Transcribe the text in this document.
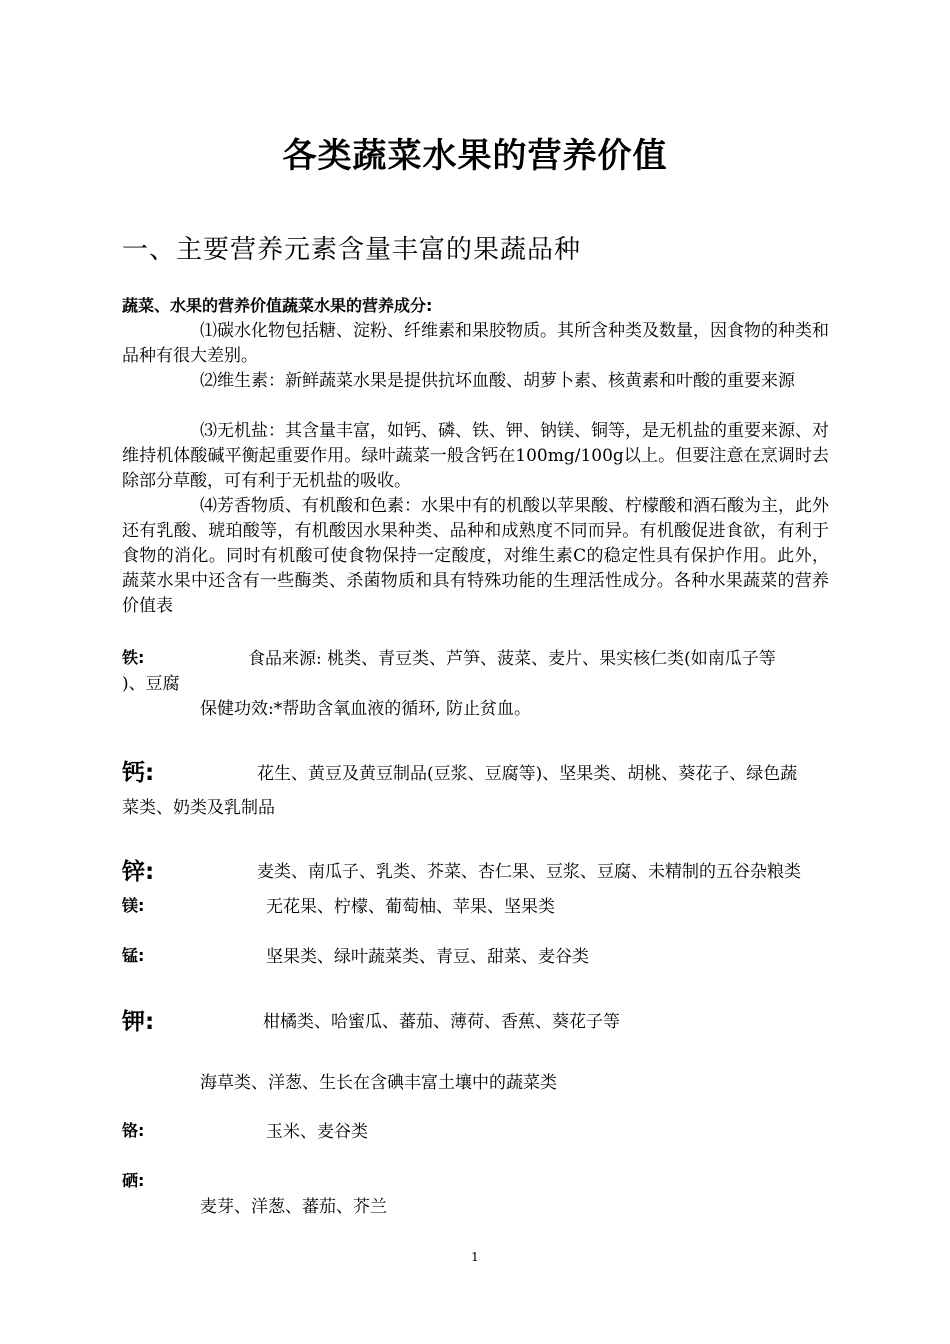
各类蔬菜水果的营养价值
一、主要营养元素含量丰富的果蔬品种
蔬菜、水果的营养价值蔬菜水果的营养成分:

⑴碳水化物包括糖、淀粉、纤维素和果胶物质。其所含种类及数量，因食物的种类和品种有很大差别。

⑵维生素：新鲜蔬菜水果是提供抗坏血酸、胡萝卜素、核黄素和叶酸的重要来源

⑶无机盐：其含量丰富，如钙、磷、铁、钾、钠镁、铜等，是无机盐的重要来源、对维持机体酸碱平衡起重要作用。绿叶蔬菜一般含钙在100mg/100g以上。但要注意在烹调时去除部分草酸，可有利于无机盐的吸收。

⑷芳香物质、有机酸和色素：水果中有的机酸以苹果酸、柠檬酸和酒石酸为主，此外还有乳酸、琥珀酸等，有机酸因水果种类、品种和成熟度不同而异。有机酸促进食欲，有利于食物的消化。同时有机酸可使食物保持一定酸度，对维生素C的稳定性具有保护作用。此外，蔬菜水果中还含有一些酶类、杀菌物质和具有特殊功能的生理活性成分。各种水果蔬菜的营养价值表

铁:	食品来源: 桃类、青豆类、芦笋、菠菜、麦片、果实核仁类(如南瓜子等
)、豆腐
保健功效:*帮助含氧血液的循环, 防止贫血。
钙:	花生、黄豆及黄豆制品(豆浆、豆腐等)、坚果类、胡桃、葵花子、绿色蔬
菜类、奶类及乳制品
锌:	麦类、南瓜子、乳类、芥菜、杏仁果、豆浆、豆腐、未精制的五谷杂粮类
镁:	无花果、柠檬、葡萄柚、苹果、坚果类
锰:	坚果类、绿叶蔬菜类、青豆、甜菜、麦谷类
钾:	柑橘类、哈蜜瓜、蕃茄、薄荷、香蕉、葵花子等
海草类、洋葱、生长在含碘丰富土壤中的蔬菜类
铬:	玉米、麦谷类
硒:
麦芽、洋葱、蕃茄、芥兰
1
